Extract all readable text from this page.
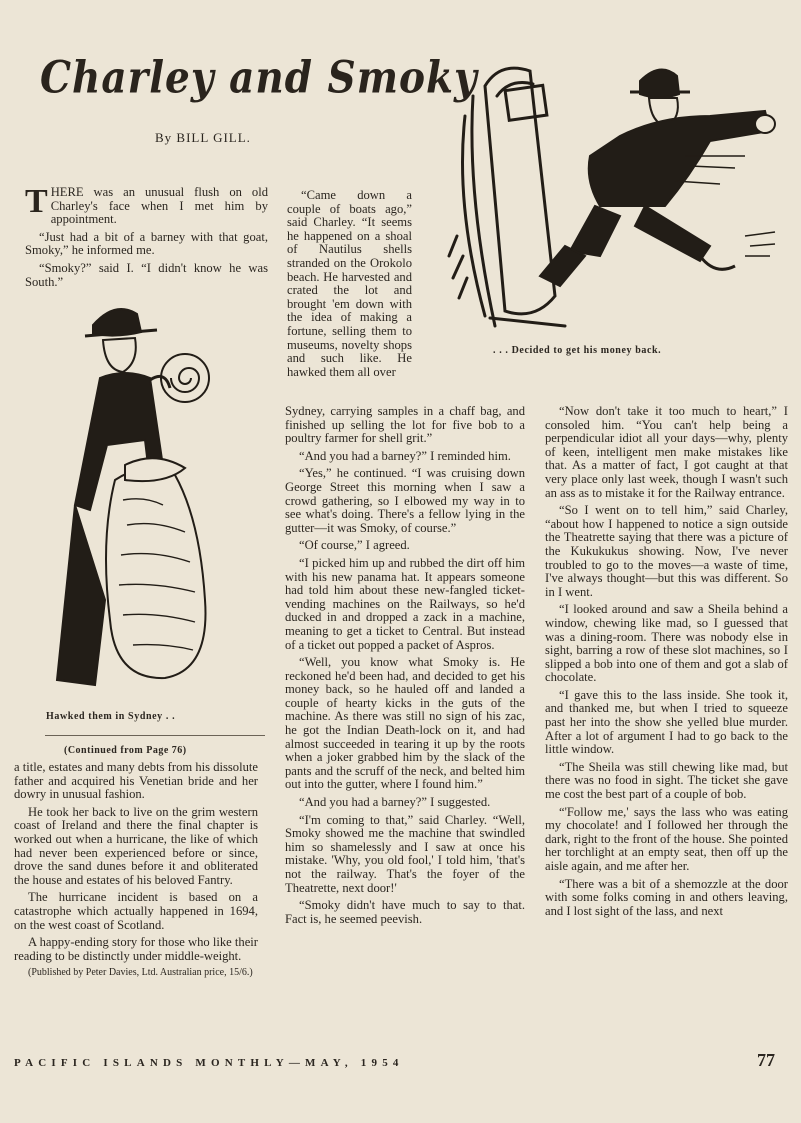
Charley and Smoky
By BILL GILL.
. . . Decided to get his money back.
Hawked them in Sydney . .

THERE was an unusual flush on old Charley's face when I met him by appointment.

“Just had a bit of a barney with that goat, Smoky,” he informed me.

“Smoky?” said I. “I didn't know he was South.”

“Came down a couple of boats ago,” said Charley. “It seems he happened on a shoal of Nautilus shells stranded on the Orokolo beach. He harvested and crated the lot and brought 'em down with the idea of making a fortune, selling them to museums, novelty shops and such like. He hawked them all over

Sydney, carrying samples in a chaff bag, and finished up selling the lot for five bob to a poultry farmer for shell grit.”

“And you had a barney?” I reminded him.

“Yes,” he continued. “I was cruising down George Street this morning when I saw a crowd gathering, so I elbowed my way in to see what's doing. There's a fellow lying in the gutter—it was Smoky, of course.”

“Of course,” I agreed.

“I picked him up and rubbed the dirt off him with his new panama hat. It appears someone had told him about these new-fangled ticket-vending machines on the Railways, so he'd ducked in and dropped a zack in a machine, meaning to get a ticket to Central. But instead of a ticket out popped a packet of Aspros.

“Well, you know what Smoky is. He reckoned he'd been had, and decided to get his money back, so he hauled off and landed a couple of hearty kicks in the guts of the machine. As there was still no sign of his zac, he got the Indian Death-lock on it, and had almost succeeded in tearing it up by the roots when a joker grabbed him by the slack of the pants and the scruff of the neck, and belted him out into the gutter, where I found him.”

“And you had a barney?” I suggested.

“I'm coming to that,” said Charley. “Well, Smoky showed me the machine that swindled him so shamelessly and I saw at once his mistake. 'Why, you old fool,' I told him, 'that's not the railway. That's the foyer of the Theatrette, next door!'

“Smoky didn't have much to say to that. Fact is, he seemed peevish.

“Now don't take it too much to heart,” I consoled him. “You can't help being a perpendicular idiot all your days—why, plenty of keen, intelligent men make mistakes like that. As a matter of fact, I got caught at that very place only last week, though I wasn't such an ass as to mistake it for the Railway entrance.

“So I went on to tell him,” said Charley, “about how I happened to notice a sign outside the Theatrette saying that there was a picture of the Kukukukus showing. Now, I've never troubled to go to the moves—a waste of time, I've always thought—but this was different. So in I went.

“I looked around and saw a Sheila behind a window, chewing like mad, so I guessed that was a dining-room. There was nobody else in sight, barring a row of these slot machines, so I slipped a bob into one of them and got a slab of chocolate.

“I gave this to the lass inside. She took it, and thanked me, but when I tried to squeeze past her into the show she yelled blue murder. After a lot of argument I had to go back to the little window.

“The Sheila was still chewing like mad, but there was no food in sight. The ticket she gave me cost the best part of a couple of bob.

“'Follow me,' says the lass who was eating my chocolate! and I followed her through the dark, right to the front of the house. She pointed her torchlight at an empty seat, then off up the aisle again, and me after her.

“There was a bit of a shemozzle at the door with some folks coming in and others leaving, and I lost sight of the lass, and next

(Continued from Page 76)

a title, estates and many debts from his dissolute father and acquired his Venetian bride and her dowry in unusual fashion.

He took her back to live on the grim western coast of Ireland and there the final chapter is worked out when a hurricane, the like of which had never been experienced before or since, drove the sand dunes before it and obliterated the house and estates of his beloved Fantry.

The hurricane incident is based on a catastrophe which actually happened in 1694, on the west coast of Scotland.

A happy-ending story for those who like their reading to be distinctly under middle-weight.

(Published by Peter Davies, Ltd. Australian price, 15/6.)

PACIFIC ISLANDS MONTHLY—MAY, 1954	77
